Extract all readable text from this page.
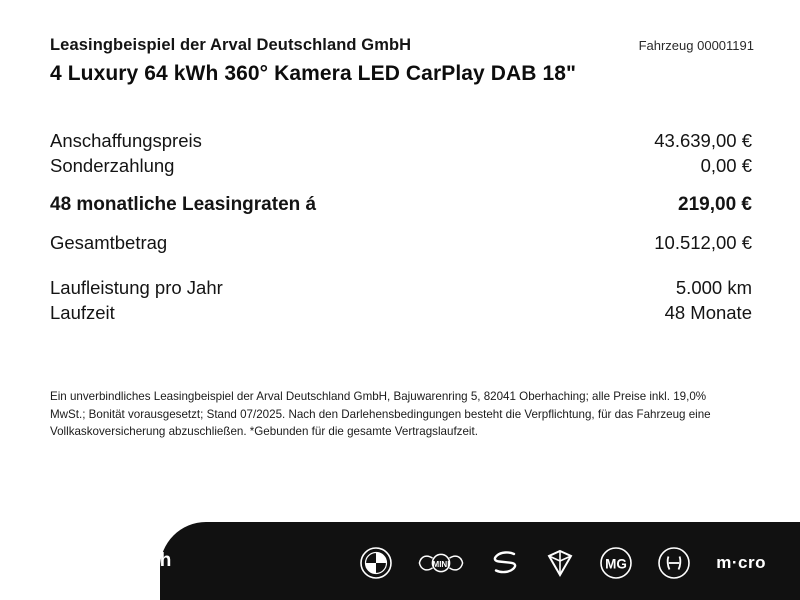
Leasingbeispiel der Arval Deutschland GmbH	Fahrzeug 00001191
4 Luxury 64 kWh 360° Kamera LED CarPlay DAB 18"
Anschaffungspreis	43.639,00 €
Sonderzahlung	0,00 €
48 monatliche Leasingraten á	219,00 €
Gesamtbetrag	10.512,00 €
Laufleistung pro Jahr	5.000 km
Laufzeit	48 Monate
Ein unverbindliches Leasingbeispiel der Arval Deutschland GmbH, Bajuwarenring 5, 82041 Oberhaching; alle Preise inkl. 19,0% MwSt.; Bonität vorausgesetzt; Stand 07/2025. Nach den Darlehensbedingungen besteht die Verpflichtung, für das Fahrzeug eine Vollkaskoversicherung abzuschließen. *Gebunden für die gesamte Vertragslaufzeit.
Gütersloh	MINI	MG	m·cro
